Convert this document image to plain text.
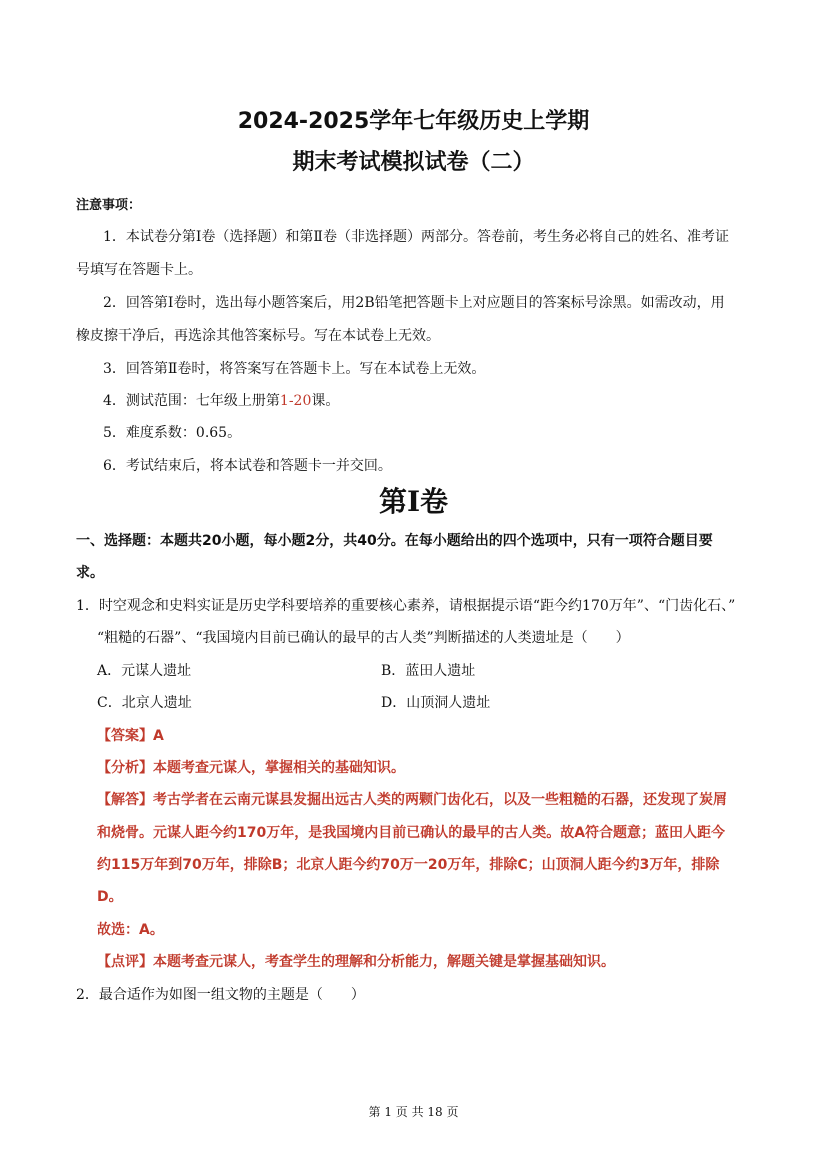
2024-2025学年七年级历史上学期
期末考试模拟试卷（二）
注意事项：
1．本试卷分第Ⅰ卷（选择题）和第Ⅱ卷（非选择题）两部分。答卷前，考生务必将自己的姓名、准考证
号填写在答题卡上。
2．回答第Ⅰ卷时，选出每小题答案后，用2B铅笔把答题卡上对应题目的答案标号涂黑。如需改动，用
橡皮擦干净后，再选涂其他答案标号。写在本试卷上无效。
3．回答第Ⅱ卷时，将答案写在答题卡上。写在本试卷上无效。
4．测试范围：七年级上册第1-20课。
5．难度系数：0.65。
6．考试结束后，将本试卷和答题卡一并交回。
第Ⅰ卷
一、选择题：本题共20小题，每小题2分，共40分。在每小题给出的四个选项中，只有一项符合题目要
求。
1．时空观念和史料实证是历史学科要培养的重要核心素养，请根据提示语“距今约170万年”、“门齿化石、”
“粗糙的石器”、“我国境内目前已确认的最早的古人类”判断描述的人类遗址是（　　）
A．元谋人遗址	B．蓝田人遗址
C．北京人遗址	D．山顶洞人遗址
【答案】A
【分析】本题考查元谋人，掌握相关的基础知识。
【解答】考古学者在云南元谋县发掘出远古人类的两颗门齿化石，以及一些粗糙的石器，还发现了炭屑
和烧骨。元谋人距今约170万年，是我国境内目前已确认的最早的古人类。故A符合题意；蓝田人距今
约115万年到70万年，排除B；北京人距今约70万一20万年，排除C；山顶洞人距今约3万年，排除
D。
故选：A。
【点评】本题考查元谋人，考查学生的理解和分析能力，解题关键是掌握基础知识。
2．最合适作为如图一组文物的主题是（　　）
第 1 页 共 18 页
